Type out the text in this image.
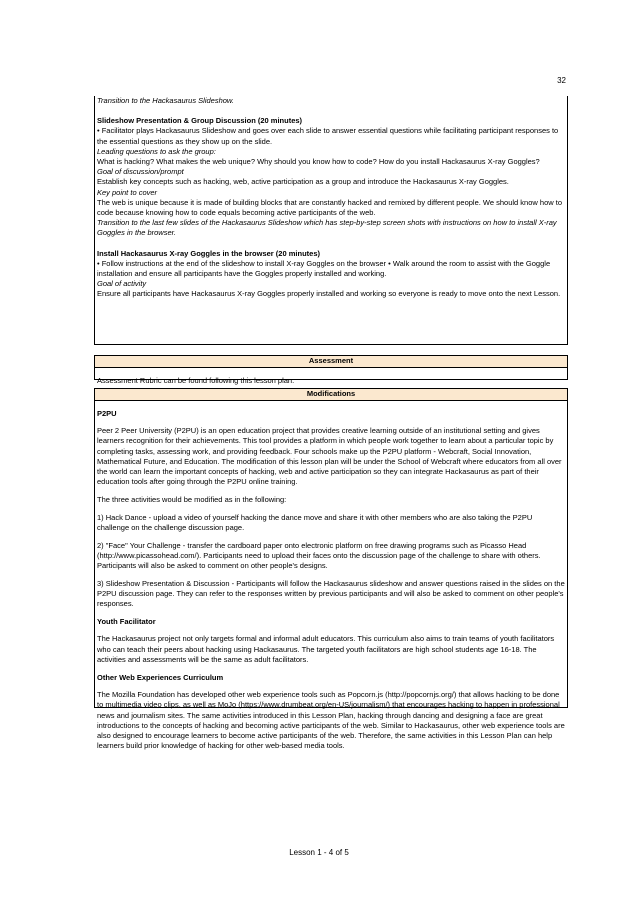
32

Transition to the Hackasaurus Slideshow.

Slideshow Presentation & Group Discussion (20 minutes)

• Facilitator plays Hackasaurus Slideshow and goes over each slide to answer essential questions while facilitating participant responses to the essential questions as they show up on the slide.

Leading questions to ask the group:

What is hacking? What makes the web unique? Why should you know how to code? How do you install Hackasaurus X-ray Goggles?

Goal of discussion/prompt

Establish key concepts such as hacking, web, active participation as a group and introduce the Hackasaurus X-ray Goggles.

Key point to cover

The web is unique because it is made of building blocks that are constantly hacked and remixed by different people. We should know how to code because knowing how to code equals becoming active participants of the web.

Transition to the last few slides of the Hackasaurus Slideshow which has step-by-step screen shots with instructions on how to install X-ray Goggles in the browser.

Install Hackasaurus X-ray Goggles in the browser (20 minutes)

• Follow instructions at the end of the slideshow to install X-ray Goggles on the browser • Walk around the room to assist with the Goggle installation and ensure all participants have the Goggles properly installed and working.

Goal of activity

Ensure all participants have Hackasaurus X-ray Goggles properly installed and working so everyone is ready to move onto the next Lesson.

Assessment

Assessment Rubric can be found following this lesson plan.

Modifications

P2PU

Peer 2 Peer University (P2PU) is an open education project that provides creative learning outside of an institutional setting and gives learners recognition for their achievements. This tool provides a platform in which people work together to learn about a particular topic by completing tasks, assessing work, and providing feedback. Four schools make up the P2PU platform - Webcraft, Social Innovation, Mathematical Future, and Education. The modification of this lesson plan will be under the School of Webcraft where educators from all over the world can learn the important concepts of hacking, web and active participation so they can integrate Hackasaurus as part of their education tools after going through the P2PU online training.

The three activities would be modified as in the following:

1) Hack Dance - upload a video of yourself hacking the dance move and share it with other members who are also taking the P2PU challenge on the challenge discussion page.

2) "Face" Your Challenge - transfer the cardboard paper onto electronic platform on free drawing programs such as Picasso Head (http://www.picassohead.com/). Participants need to upload their faces onto the discussion page of the challenge to share with others. Participants will also be asked to comment on other people's designs.

3) Slideshow Presentation & Discussion - Participants will follow the Hackasaurus slideshow and answer questions raised in the slides on the P2PU discussion page. They can refer to the responses written by previous participants and will also be asked to comment on other people's responses.

Youth Facilitator

The Hackasaurus project not only targets formal and informal adult educators. This curriculum also aims to train teams of youth facilitators who can teach their peers about hacking using Hackasaurus. The targeted youth facilitators are high school students age 16-18. The activities and assessments will be the same as adult facilitators.

Other Web Experiences Curriculum

The Mozilla Foundation has developed other web experience tools such as Popcorn.js (http://popcornjs.org/) that allows hacking to be done to multimedia video clips, as well as MoJo (https://www.drumbeat.org/en-US/journalism/) that encourages hacking to happen in professional news and journalism sites. The same activities introduced in this Lesson Plan, hacking through dancing and designing a face are great introductions to the concepts of hacking and becoming active participants of the web. Similar to Hackasaurus, other web experience tools are also designed to encourage learners to become active participants of the web. Therefore, the same activities in this Lesson Plan can help learners build prior knowledge of hacking for other web-based media tools.

Lesson 1 - 4 of 5
